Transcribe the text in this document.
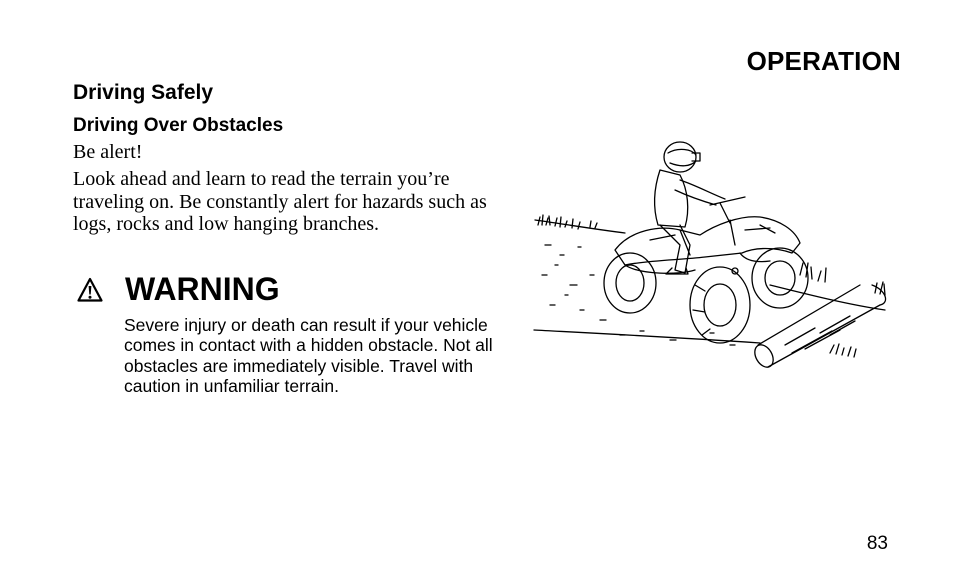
OPERATION
Driving Safely
Driving Over Obstacles

Be alert!

Look ahead and learn to read the terrain you’re traveling on. Be constantly alert for hazards such as logs, rocks and low hanging branches.

WARNING

Severe injury or death can result if your vehicle comes in contact with a hidden obstacle. Not all obstacles are immediately visible. Travel with caution in unfamiliar terrain.

83
